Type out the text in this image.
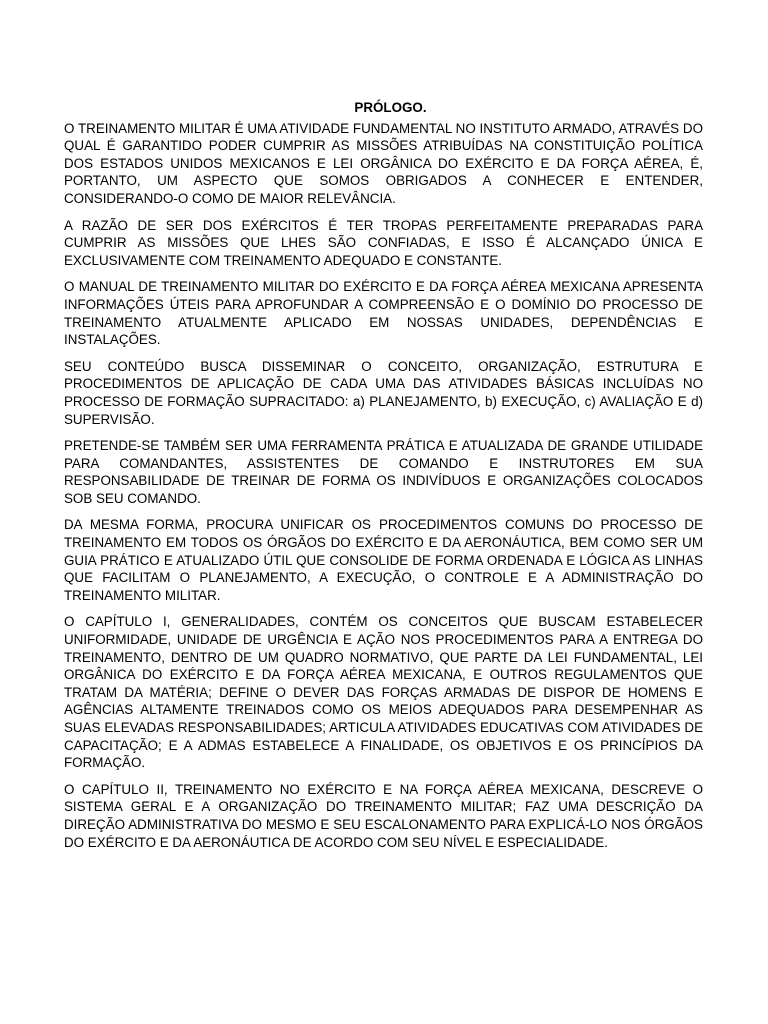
PRÓLOGO.

O TREINAMENTO MILITAR É UMA ATIVIDADE FUNDAMENTAL NO INSTITUTO ARMADO, ATRAVÉS DO QUAL É GARANTIDO PODER CUMPRIR AS MISSÕES ATRIBUÍDAS NA CONSTITUIÇÃO POLÍTICA DOS ESTADOS UNIDOS MEXICANOS E LEI ORGÂNICA DO EXÉRCITO E DA FORÇA AÉREA, É, PORTANTO, UM ASPECTO QUE SOMOS OBRIGADOS A CONHECER E ENTENDER, CONSIDERANDO-O COMO DE MAIOR RELEVÂNCIA.

A RAZÃO DE SER DOS EXÉRCITOS É TER TROPAS PERFEITAMENTE PREPARADAS PARA CUMPRIR AS MISSÕES QUE LHES SÃO CONFIADAS, E ISSO É ALCANÇADO ÚNICA E EXCLUSIVAMENTE COM TREINAMENTO ADEQUADO E CONSTANTE.

O MANUAL DE TREINAMENTO MILITAR DO EXÉRCITO E DA FORÇA AÉREA MEXICANA APRESENTA INFORMAÇÕES ÚTEIS PARA APROFUNDAR A COMPREENSÃO E O DOMÍNIO DO PROCESSO DE TREINAMENTO ATUALMENTE APLICADO EM NOSSAS UNIDADES, DEPENDÊNCIAS E INSTALAÇÕES.

SEU CONTEÚDO BUSCA DISSEMINAR O CONCEITO, ORGANIZAÇÃO, ESTRUTURA E PROCEDIMENTOS DE APLICAÇÃO DE CADA UMA DAS ATIVIDADES BÁSICAS INCLUÍDAS NO PROCESSO DE FORMAÇÃO SUPRACITADO: a) PLANEJAMENTO, b) EXECUÇÃO, c) AVALIAÇÃO E d) SUPERVISÃO.

PRETENDE-SE TAMBÉM SER UMA FERRAMENTA PRÁTICA E ATUALIZADA DE GRANDE UTILIDADE PARA COMANDANTES, ASSISTENTES DE COMANDO E INSTRUTORES EM SUA RESPONSABILIDADE DE TREINAR DE FORMA OS INDIVÍDUOS E ORGANIZAÇÕES COLOCADOS SOB SEU COMANDO.

DA MESMA FORMA, PROCURA UNIFICAR OS PROCEDIMENTOS COMUNS DO PROCESSO DE TREINAMENTO EM TODOS OS ÓRGÃOS DO EXÉRCITO E DA AERONÁUTICA, BEM COMO SER UM GUIA PRÁTICO E ATUALIZADO ÚTIL QUE CONSOLIDE DE FORMA ORDENADA E LÓGICA AS LINHAS QUE FACILITAM O PLANEJAMENTO, A EXECUÇÃO, O CONTROLE E A ADMINISTRAÇÃO DO TREINAMENTO MILITAR.

O CAPÍTULO I, GENERALIDADES, CONTÉM OS CONCEITOS QUE BUSCAM ESTABELECER UNIFORMIDADE, UNIDADE DE URGÊNCIA E AÇÃO NOS PROCEDIMENTOS PARA A ENTREGA DO TREINAMENTO, DENTRO DE UM QUADRO NORMATIVO, QUE PARTE DA LEI FUNDAMENTAL, LEI ORGÂNICA DO EXÉRCITO E DA FORÇA AÉREA MEXICANA, E OUTROS REGULAMENTOS QUE TRATAM DA MATÉRIA; DEFINE O DEVER DAS FORÇAS ARMADAS DE DISPOR DE HOMENS E AGÊNCIAS ALTAMENTE TREINADOS COMO OS MEIOS ADEQUADOS PARA DESEMPENHAR AS SUAS ELEVADAS RESPONSABILIDADES; ARTICULA ATIVIDADES EDUCATIVAS COM ATIVIDADES DE CAPACITAÇÃO; E A ADMAS ESTABELECE A FINALIDADE, OS OBJETIVOS E OS PRINCÍPIOS DA FORMAÇÃO.

O CAPÍTULO II, TREINAMENTO NO EXÉRCITO E NA FORÇA AÉREA MEXICANA, DESCREVE O SISTEMA GERAL E A ORGANIZAÇÃO DO TREINAMENTO MILITAR; FAZ UMA DESCRIÇÃO DA DIREÇÃO ADMINISTRATIVA DO MESMO E SEU ESCALONAMENTO PARA EXPLICÁ-LO NOS ÓRGÃOS DO EXÉRCITO E DA AERONÁUTICA DE ACORDO COM SEU NÍVEL E ESPECIALIDADE.
